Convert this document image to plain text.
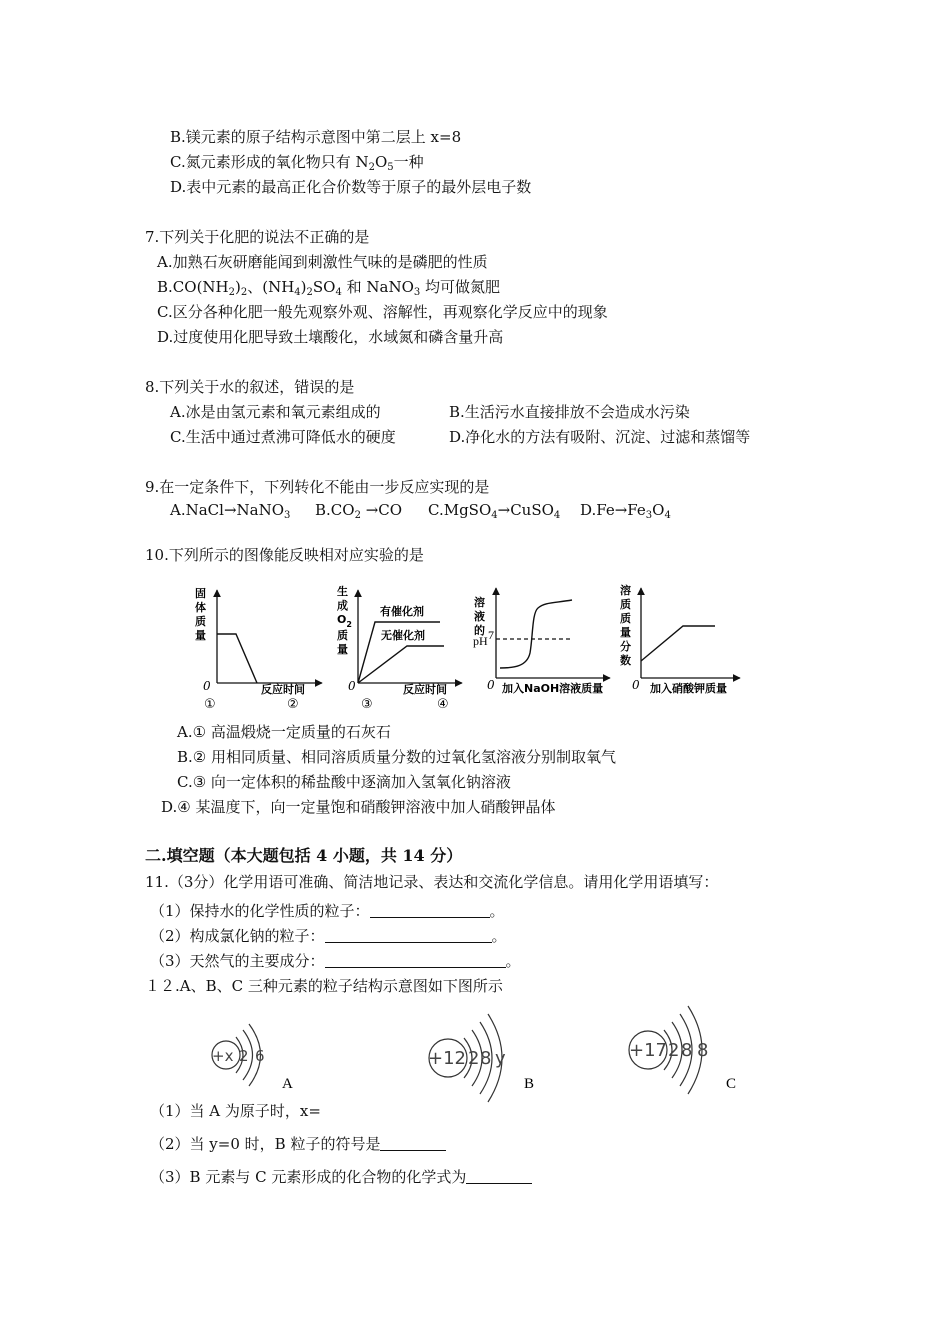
B.镁元素的原子结构示意图中第二层上 x=8
C.氮元素形成的氧化物只有 $N_2O_5$一种
D.表中元素的最高正化合价数等于原子的最外层电子数
7.下列关于化肥的说法不正确的是
A.加熟石灰研磨能闻到刺激性气味的是磷肥的性质
$B.CO(NH_2)_2$、$(NH_4)_2SO_4$ 和 NaNO$_3$ 均可做氮肥
C.区分各种化肥一般先观察外观、溶解性，再观察化学反应中的现象
D.过度使用化肥导致土壤酸化，水域氮和磷含量升高
8.下列关于水的叙述，错误的是
A.冰是由氢元素和氧元素组成的	B.生活污水直接排放不会造成水污染
C.生活中通过煮沸可降低水的硬度	D.净化水的方法有吸附、沉淀、过滤和蒸馏等
9.在一定条件下，下列转化不能由一步反应实现的是
A.NaCl→NaNO$_3$ $B.CO_2 \to CO$ C.MgSO$_4$→CuSO$_4$ $D.Fe\to Fe_3O_4$
10.下列所示的图像能反映相对应实验的是
固
体
质
量
0	反应时间
①
生
成
$O_2$
质
量
有催化剂
无催化剂
0	反应时间
②	③
溶
液
的
pH 7
0 加入NaOH溶液质量
④
溶
质
质
量
分
数
0 加入硝酸钾质量
A.① 高温煅烧一定质量的石灰石
B.② 用相同质量、相同溶质质量分数的过氧化氢溶液分别制取氧气
C.③ 向一定体积的稀盐酸中逐滴加入氢氧化钠溶液
D.④ 某温度下，向一定量饱和硝酸钾溶液中加人硝酸钾晶体
二.填空题（本大题包括 4 小题，共 14 分）
11.（3分）化学用语可准确、简洁地记录、表达和交流化学信息。请用化学用语填写：
（1）保持水的化学性质的粒子：	。
（2）构成氯化钠的粒子：	。
（3）天然气的主要成分：	。
１２.A、B、C 三种元素的粒子结构示意图如下图所示
+x 2 6
A
+12 2 8 y
B
+17 2 8 8
C
（1）当 A 为原子时，x=
（2）当 y=0 时，B 粒子的符号是
（3）B 元素与 C 元素形成的化合物的化学式为
